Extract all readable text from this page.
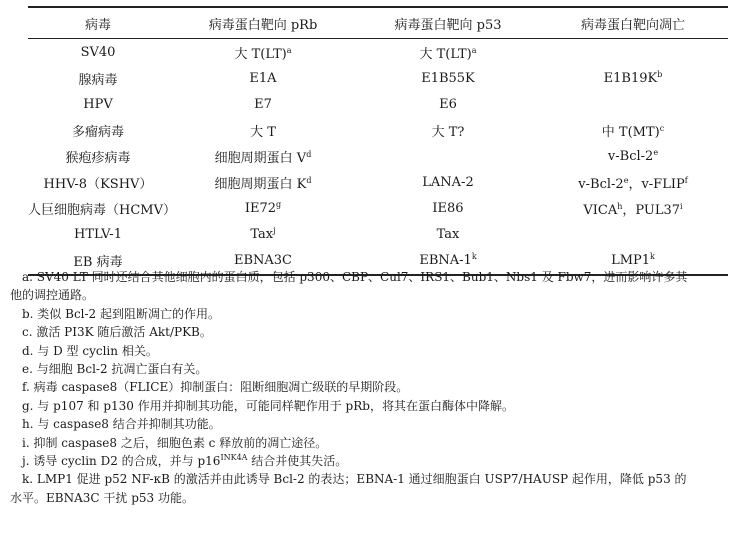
病毒	病毒蛋白靶向 pRb	病毒蛋白靶向 p53	病毒蛋白靶向凋亡

SV40	大 T(LT)$^a$	大 T(LT)$^a$	
腺病毒	E1A	E1B55K	$E1B19K^b$
HPV	E7	E6	
多瘤病毒	大 T	大 T?	中 T(MT)$^c$
猴疱疹病毒	细胞周期蛋白 $V^d$		v-Bcl-2e
HHV-8（KSHV）	细胞周期蛋白 $K^d$	LANA-2	v-Bcl-2e，v-FLIP$^f$
人巨细胞病毒（HCMV）	IE72$^g$	IE86	VICA$^h$，PUL37$^i$
HTLV-1	Tax$^j$	Tax	
EB 病毒	EBNA3C	EBNA-1$^k$	LMP1$^k$

a. SV40 LT 同时还结合其他细胞内的蛋白质，包括 p300、CBP、Cul7、IRS1、Bub1、Nbs1 及 Fbw7，进而影响许多其

他的调控通路。

b. 类似 Bcl-2 起到阻断凋亡的作用。

c. 激活 PI3K 随后激活 Akt/PKB。

d. 与 D 型 cyclin 相关。

e. 与细胞 Bcl-2 抗凋亡蛋白有关。

f. 病毒 caspase8（FLICE）抑制蛋白：阻断细胞凋亡级联的早期阶段。

g. 与 p107 和 p130 作用并抑制其功能，可能同样靶作用于 pRb，将其在蛋白酶体中降解。

h. 与 caspase8 结合并抑制其功能。

i. 抑制 caspase8 之后，细胞色素 c 释放前的凋亡途径。

j. 诱导 cyclin D2 的合成，并与 $p16^{INK4A}$ 结合并使其失活。

k. LMP1 促进 p52 NF-κB 的激活并由此诱导 Bcl-2 的表达；EBNA-1 通过细胞蛋白 USP7/HAUSP 起作用，降低 p53 的

水平。EBNA3C 干扰 p53 功能。
